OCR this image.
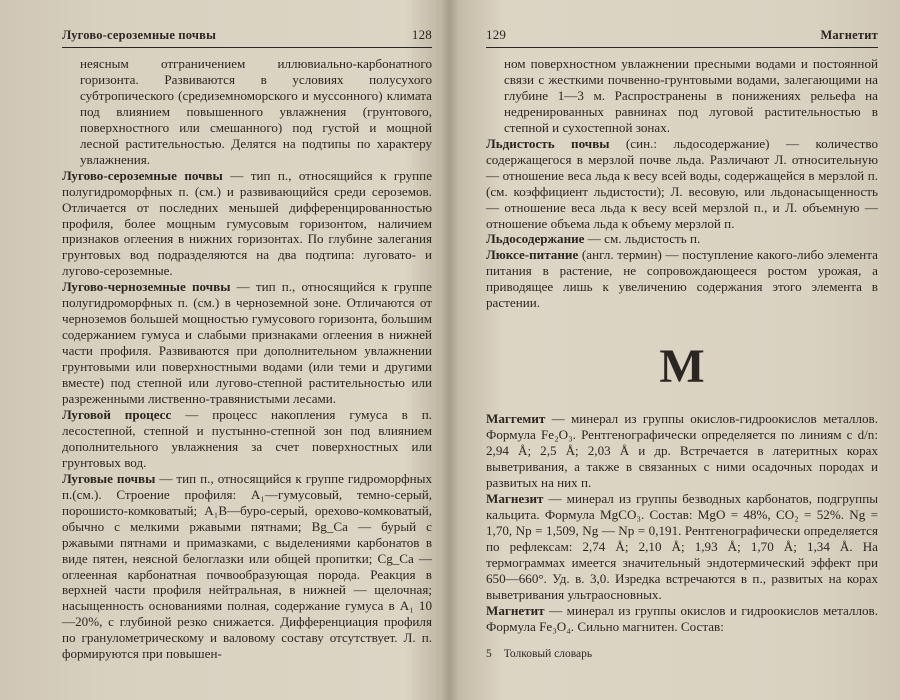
Лугово-сероземные почвы	128

неясным отграничением иллювиально-карбонатного горизонта. Развиваются в условиях полусухого субтропического (средиземноморского и муссонного) климата под влиянием повышенного увлажнения (грунтового, поверхностного или смешанного) под густой и мощной лесной растительностью. Делятся на подтипы по характеру увлажнения.

Лугово-сероземные почвы — тип п., относящийся к группе полугидроморфных п. (см.) и развивающийся среди сероземов. Отличается от последних меньшей дифференцированностью профиля, более мощным гумусовым горизонтом, наличием признаков оглеения в нижних горизонтах. По глубине залегания грунтовых вод подразделяются на два подтипа: луговато- и лугово-сероземные.

Лугово-черноземные почвы — тип п., относящийся к группе полугидроморфных п. (см.) в черноземной зоне. Отличаются от черноземов большей мощностью гумусового горизонта, большим содержанием гумуса и слабыми признаками оглеения в нижней части профиля. Развиваются при дополнительном увлажнении грунтовыми или поверхностными водами (или теми и другими вместе) под степной или лугово-степной растительностью или разреженными лиственно-травянистыми лесами.

Луговой процесс — процесс накопления гумуса в п. лесостепной, степной и пустынно-степной зон под влиянием дополнительного увлажнения за счет поверхностных или грунтовых вод.

Луговые почвы — тип п., относящийся к группе гидроморфных п.(см.). Строение профиля: A₁—гумусовый, темно-серый, порошисто-комковатый; A₁B—буро-серый, орехово-комковатый, обычно с мелкими ржавыми пятнами; Bg_Ca — бурый с ржавыми пятнами и примазками, с выделениями карбонатов в виде пятен, неясной белоглазки или общей пропитки; Cg_Ca — оглеенная карбонатная почвообразующая порода. Реакция в верхней части профиля нейтральная, в нижней — щелочная; насыщенность основаниями полная, содержание гумуса в A₁ 10—20%, с глубиной резко снижается. Дифференциация профиля по гранулометрическому и валовому составу отсутствует. Л. п. формируются при повышен-

129	Магнетит

ном поверхностном увлажнении пресными водами и постоянной связи с жесткими почвенно-грунтовыми водами, залегающими на глубине 1—3 м. Распространены в понижениях рельефа на недренированных равнинах под луговой растительностью в степной и сухостепной зонах.

Льдистость почвы (син.: льдосодержание) — количество содержащегося в мерзлой почве льда. Различают Л. относительную — отношение веса льда к весу всей воды, содержащейся в мерзлой п. (см. коэффициент льдистости); Л. весовую, или льдонасыщенность — отношение веса льда к весу всей мерзлой п., и Л. объемную — отношение объема льда к объему мерзлой п.

Льдосодержание — см. льдистость п.

Люксе-питание (англ. термин) — поступление какого-либо элемента питания в растение, не сопровождающееся ростом урожая, а приводящее лишь к увеличению содержания этого элемента в растении.

М

Маггемит — минерал из группы окислов-гидроокислов металлов. Формула Fe₂O₃. Рентгенографически определяется по линиям с d/n: 2,94 Å; 2,5 Å; 2,03 Å и др. Встречается в латеритных корах выветривания, а также в связанных с ними осадочных породах и развитых на них п.

Магнезит — минерал из группы безводных карбонатов, подгруппы кальцита. Формула MgCO₃. Состав: MgO = 48%, CO₂ = 52%. Ng = 1,70, Np = 1,509, Ng — Np = 0,191. Рентгенографически определяется по рефлексам: 2,74 Å; 2,10 Å; 1,93 Å; 1,70 Å; 1,34 Å. На термограммах имеется значительный эндотермический эффект при 650—660°. Уд. в. 3,0. Изредка встречаются в п., развитых на корах выветривания ультраосновных.

Магнетит — минерал из группы окислов и гидроокислов металлов. Формула Fe₃O₄. Сильно магнитен. Состав:

5 Толковый словарь
